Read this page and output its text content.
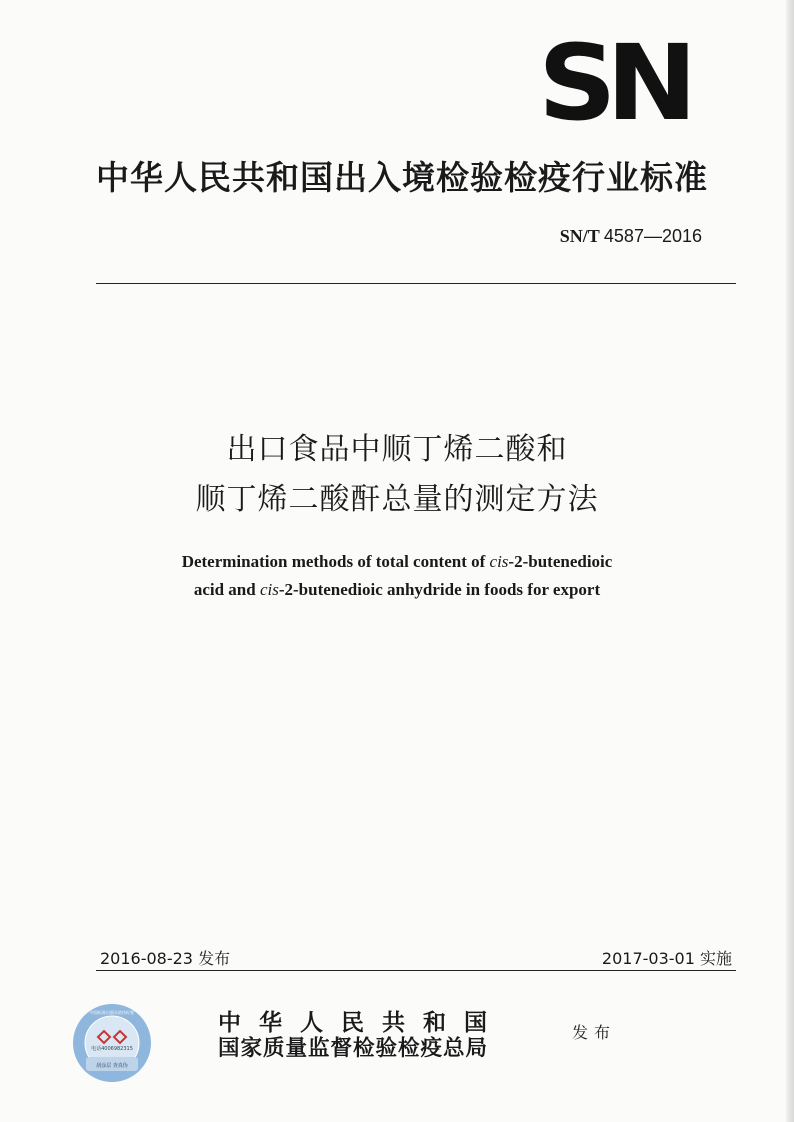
SN
中华人民共和国出入境检验检疫行业标准
SN/T 4587—2016
出口食品中顺丁烯二酸和
顺丁烯二酸酐总量的测定方法
Determination methods of total content of cis-2-butenedioic
acid and cis-2-butenedioic anhydride in foods for export
2016-08-23 发布	2017-03-01 实施
电话4006982315
刮涂层 查真伪
中国标准出版社防伪标签	中华人民共和国
国家质量监督检验检疫总局
发布
